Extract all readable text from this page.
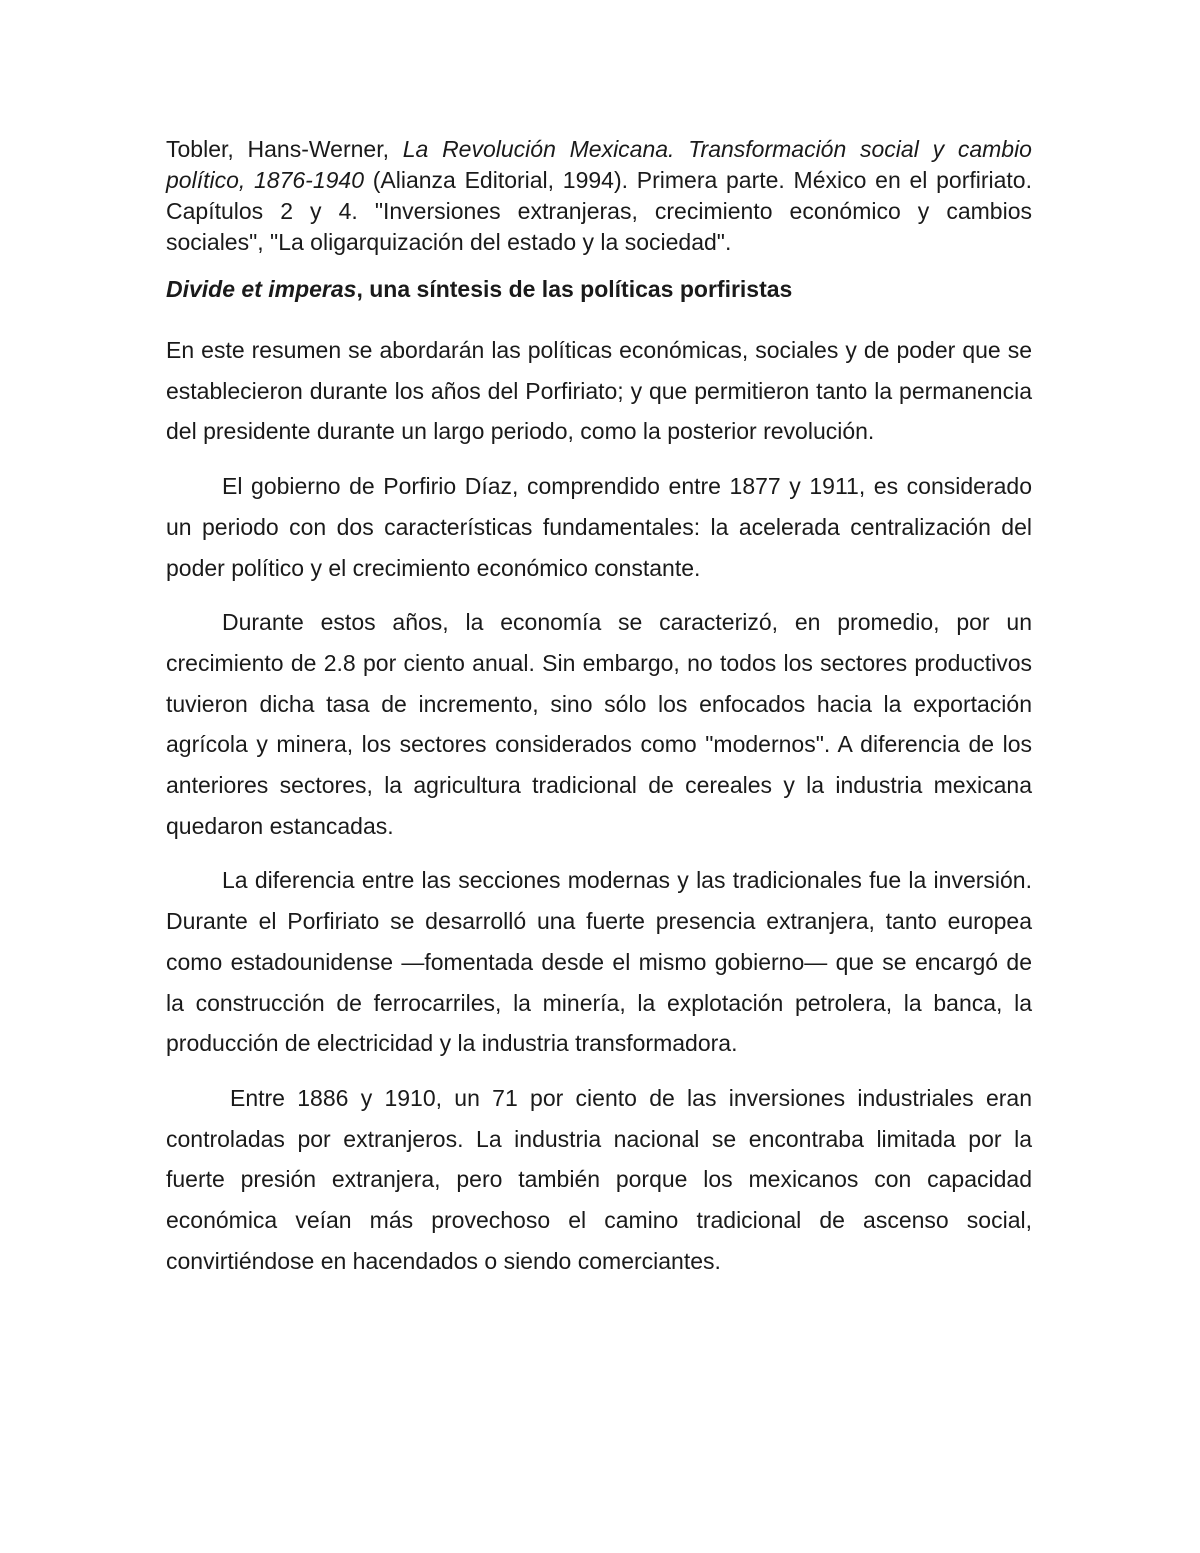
Tobler, Hans-Werner, La Revolución Mexicana. Transformación social y cambio político, 1876-1940 (Alianza Editorial, 1994). Primera parte. México en el porfiriato. Capítulos 2 y 4. "Inversiones extranjeras, crecimiento económico y cambios sociales", "La oligarquización del estado y la sociedad".

Divide et imperas, una síntesis de las políticas porfiristas

En este resumen se abordarán las políticas económicas, sociales y de poder que se establecieron durante los años del Porfiriato; y que permitieron tanto la permanencia del presidente durante un largo periodo, como la posterior revolución.

El gobierno de Porfirio Díaz, comprendido entre 1877 y 1911, es considerado un periodo con dos características fundamentales: la acelerada centralización del poder político y el crecimiento económico constante.

Durante estos años, la economía se caracterizó, en promedio, por un crecimiento de 2.8 por ciento anual. Sin embargo, no todos los sectores productivos tuvieron dicha tasa de incremento, sino sólo los enfocados hacia la exportación agrícola y minera, los sectores considerados como "modernos". A diferencia de los anteriores sectores, la agricultura tradicional de cereales y la industria mexicana quedaron estancadas.

La diferencia entre las secciones modernas y las tradicionales fue la inversión. Durante el Porfiriato se desarrolló una fuerte presencia extranjera, tanto europea como estadounidense —fomentada desde el mismo gobierno— que se encargó de la construcción de ferrocarriles, la minería, la explotación petrolera, la banca, la producción de electricidad y la industria transformadora.

Entre 1886 y 1910, un 71 por ciento de las inversiones industriales eran controladas por extranjeros. La industria nacional se encontraba limitada por la fuerte presión extranjera, pero también porque los mexicanos con capacidad económica veían más provechoso el camino tradicional de ascenso social, convirtiéndose en hacendados o siendo comerciantes.
